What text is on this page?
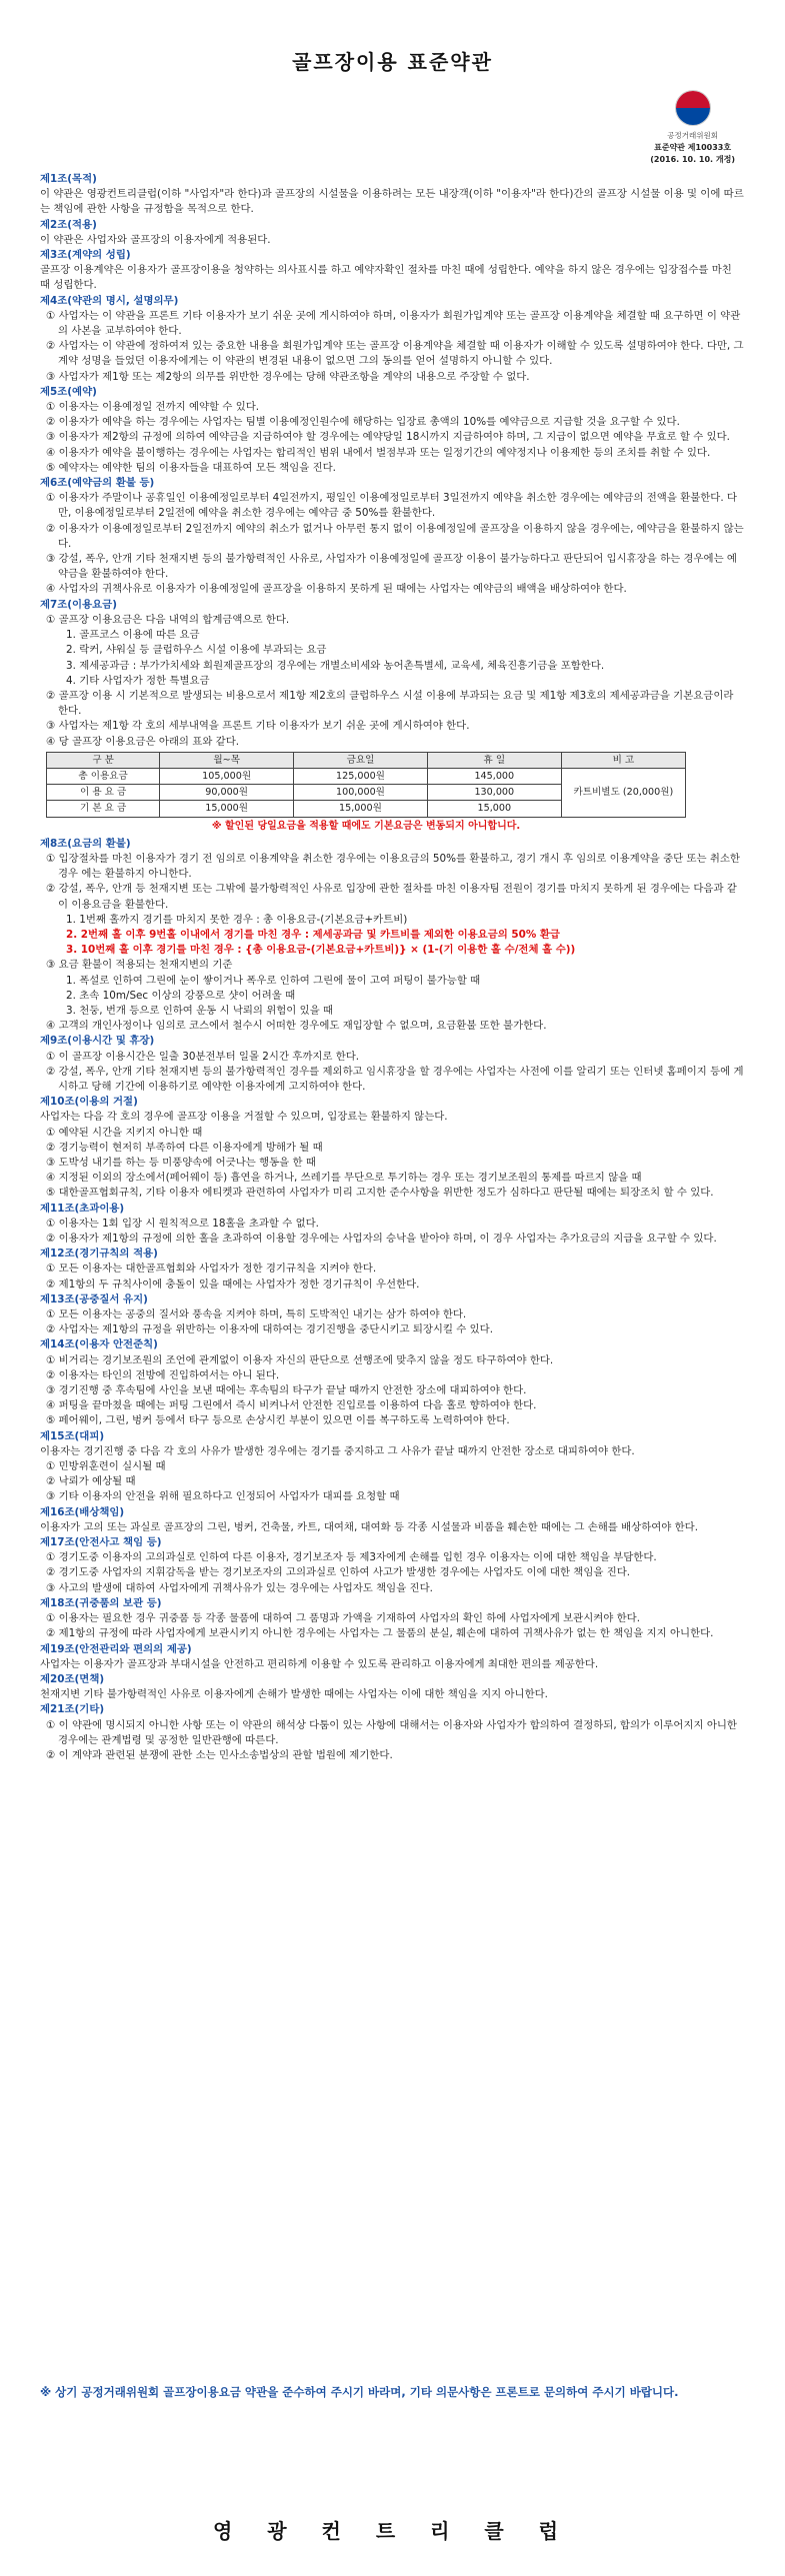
골프장이용 표준약관
공정거래위원회
표준약관 제10033호
(2016. 10. 10. 개정)
제1조(목적)
이 약관은 영광컨트리클럽(이하 "사업자"라 한다)과 골프장의 시설물을 이용하려는 모든 내장객(이하 "이용자"라 한다)간의 골프장 시설물 이용 및 이에 따르는 책임에 관한 사항을 규정함을 목적으로 한다.
제2조(적용)
이 약관은 사업자와 골프장의 이용자에게 적용된다.
제3조(계약의 성립)
골프장 이용계약은 이용자가 골프장이용을 청약하는 의사표시를 하고 예약자확인 절차를 마친 때에 성립한다. 예약을 하지 않은 경우에는 입장접수를 마친 때 성립한다.
제4조(약관의 명시, 설명의무)
① 사업자는 이 약관을 프론트 기타 이용자가 보기 쉬운 곳에 게시하여야 하며, 이용자가 회원가입계약 또는 골프장 이용계약을 체결할 때 요구하면 이 약관의 사본을 교부하여야 한다.
② 사업자는 이 약관에 정하여져 있는 중요한 내용을 회원가입계약 또는 골프장 이용계약을 체결할 때 이용자가 이해할 수 있도록 설명하여야 한다. 다만, 그 계약 성명을 들었던 이용자에게는 이 약관의 변경된 내용이 없으면 그의 동의를 얻어 설명하지 아니할 수 있다.
③ 사업자가 제1항 또는 제2항의 의무를 위반한 경우에는 당해 약관조항을 계약의 내용으로 주장할 수 없다.
제5조(예약)
① 이용자는 이용예정일 전까지 예약할 수 있다.
② 이용자가 예약을 하는 경우에는 사업자는 팀별 이용예정인원수에 해당하는 입장료 총액의 10%를 예약금으로 지급할 것을 요구할 수 있다.
③ 이용자가 제2항의 규정에 의하여 예약금을 지급하여야 할 경우에는 예약당일 18시까지 지급하여야 하며, 그 지급이 없으면 예약을 무효로 할 수 있다.
④ 이용자가 예약을 불이행하는 경우에는 사업자는 합리적인 범위 내에서 벌점부과 또는 일정기간의 예약정지나 이용제한 등의 조치를 취할 수 있다.
⑤ 예약자는 예약한 팀의 이용자들을 대표하여 모든 책임을 진다.
제6조(예약금의 환불 등)
① 이용자가 주말이나 공휴일인 이용예정일로부터 4일전까지, 평일인 이용예정일로부터 3일전까지 예약을 취소한 경우에는 예약금의 전액을 환불한다. 다만, 이용예정일로부터 2일전에 예약을 취소한 경우에는 예약금 중 50%를 환불한다.
② 이용자가 이용예정일로부터 2일전까지 예약의 취소가 없거나 아무런 통지 없이 이용예정일에 골프장을 이용하지 않을 경우에는, 예약금을 환불하지 않는다.
③ 강설, 폭우, 안개 기타 천재지변 등의 불가항력적인 사유로, 사업자가 이용예정일에 골프장 이용이 불가능하다고 판단되어 입시휴장을 하는 경우에는 예약금을 환불하여야 한다.
④ 사업자의 귀책사유로 이용자가 이용예정일에 골프장을 이용하지 못하게 된 때에는 사업자는 예약금의 배액을 배상하여야 한다.
제7조(이용요금)
① 골프장 이용요금은 다음 내역의 합계금액으로 한다.
1. 골프코스 이용에 따른 요금
2. 락커, 샤워실 등 클럽하우스 시설 이용에 부과되는 요금
3. 제세공과금 : 부가가치세와 회원제골프장의 경우에는 개별소비세와 농어촌특별세, 교육세, 체육진흥기금을 포함한다.
4. 기타 사업자가 정한 특별요금
② 골프장 이용 시 기본적으로 발생되는 비용으로서 제1항 제2호의 클럽하우스 시설 이용에 부과되는 요금 및 제1항 제3호의 제세공과금을 기본요금이라 한다.
③ 사업자는 제1항 각 호의 세부내역을 프론트 기타 이용자가 보기 쉬운 곳에 게시하여야 한다.
④ 당 골프장 이용요금은 아래의 표와 같다.
구 분	월~목	금요일	휴 일	비 고
총 이용요금	105,000원	125,000원	145,000	카트비별도 (20,000원)
이 용 요 금	90,000원	100,000원	130,000	
기 본 요 금	15,000원	15,000원	15,000	
※ 할인된 당일요금을 적용할 때에도 기본요금은 변동되지 아니합니다.
제8조(요금의 환불)
① 입장절차를 마친 이용자가 경기 전 임의로 이용계약을 취소한 경우에는 이용요금의 50%를 환불하고, 경기 개시 후 임의로 이용계약을 중단 또는 취소한 경우 에는 환불하지 아니한다.
② 강설, 폭우, 안개 등 천재지변 또는 그밖에 불가항력적인 사유로 입장에 관한 절차를 마친 이용자팀 전원이 경기를 마치지 못하게 된 경우에는 다음과 같이 이용요금을 환불한다.
1. 1번째 홀까지 경기를 마치지 못한 경우 : 총 이용요금-(기본요금+카트비)
2. 2번째 홀 이후 9번홀 이내에서 경기를 마친 경우 : 제세공과금 및 카트비를 제외한 이용요금의 50% 환급
3. 10번째 홀 이후 경기를 마친 경우 : {총 이용요금-(기본요금+카트비)} × (1-(기 이용한 홀 수/전체 홀 수))
③ 요금 환불이 적용되는 천재지변의 기준
1. 폭설로 인하여 그린에 눈이 쌓이거나 폭우로 인하여 그린에 물이 고여 퍼팅이 불가능할 때
2. 초속 10m/Sec 이상의 강풍으로 샷이 어려울 때
3. 천둥, 번개 등으로 인하여 운동 시 낙뢰의 위험이 있을 때
④ 고객의 개인사정이나 임의로 코스에서 철수시 어떠한 경우에도 재입장할 수 없으며, 요금환불 또한 불가한다.
제9조(이용시간 및 휴장)
① 이 골프장 이용시간은 일출 30분전부터 일몰 2시간 후까지로 한다.
② 강설, 폭우, 안개 기타 천재지변 등의 불가항력적인 경우를 제외하고 임시휴장을 할 경우에는 사업자는 사전에 이를 알리기 또는 인터넷 홈페이지 등에 게시하고 당해 기간에 이용하기로 예약한 이용자에게 고지하여야 한다.
제10조(이용의 거절)
사업자는 다음 각 호의 경우에 골프장 이용을 거절할 수 있으며, 입장료는 환불하지 않는다.
① 예약된 시간을 지키지 아니한 때
② 경기능력이 현저히 부족하여 다른 이용자에게 방해가 될 때
③ 도박성 내기를 하는 등 미풍양속에 어긋나는 행동을 한 때
④ 지정된 이외의 장소에서(페어웨이 등) 흡연을 하거나, 쓰레기를 무단으로 투기하는 경우 또는 경기보조원의 통제를 따르지 않을 때
⑤ 대한골프협회규칙, 기타 이용자 에티켓과 관련하여 사업자가 미리 고지한 준수사항을 위반한 정도가 심하다고 판단될 때에는 퇴장조치 할 수 있다.
제11조(초과이용)
① 이용자는 1회 입장 시 원칙적으로 18홀을 초과할 수 없다.
② 이용자가 제1항의 규정에 의한 홀을 초과하여 이용할 경우에는 사업자의 승낙을 받아야 하며, 이 경우 사업자는 추가요금의 지급을 요구할 수 있다.
제12조(경기규칙의 적용)
① 모든 이용자는 대한골프협회와 사업자가 정한 경기규칙을 지켜야 한다.
② 제1항의 두 규칙사이에 충돌이 있을 때에는 사업자가 정한 경기규칙이 우선한다.
제13조(공중질서 유지)
① 모든 이용자는 공중의 질서와 풍속을 지켜야 하며, 특히 도박적인 내기는 삼가 하여야 한다.
② 사업자는 제1항의 규정을 위반하는 이용자에 대하여는 경기진행을 중단시키고 퇴장시킬 수 있다.
제14조(이용자 안전준칙)
① 비거리는 경기보조원의 조언에 관계없이 이용자 자신의 판단으로 선행조에 맞추지 않을 정도 타구하여야 한다.
② 이용자는 타인의 전방에 진입하여서는 아니 된다.
③ 경기진행 중 후속팀에 사인을 보낸 때에는 후속팀의 타구가 끝날 때까지 안전한 장소에 대피하여야 한다.
④ 퍼팅을 끝마쳤을 때에는 퍼팅 그린에서 즉시 비켜나서 안전한 진입로를 이용하여 다음 홀로 향하여야 한다.
⑤ 페어웨이, 그린, 벙커 등에서 타구 등으로 손상시킨 부분이 있으면 이를 복구하도록 노력하여야 한다.
제15조(대피)
이용자는 경기진행 중 다음 각 호의 사유가 발생한 경우에는 경기를 중지하고 그 사유가 끝날 때까지 안전한 장소로 대피하여야 한다.
① 민방위훈련이 실시될 때
② 낙뢰가 예상될 때
③ 기타 이용자의 안전을 위해 필요하다고 인정되어 사업자가 대피를 요청할 때
제16조(배상책임)
이용자가 고의 또는 과실로 골프장의 그린, 벙커, 건축물, 카트, 대여채, 대여화 등 각종 시설물과 비품을 훼손한 때에는 그 손해를 배상하여야 한다.
제17조(안전사고 책임 등)
① 경기도중 이용자의 고의과실로 인하여 다른 이용자, 경기보조자 등 제3자에게 손해를 입힌 경우 이용자는 이에 대한 책임을 부담한다.
② 경기도중 사업자의 지휘감독을 받는 경기보조자의 고의과실로 인하여 사고가 발생한 경우에는 사업자도 이에 대한 책임을 진다.
③ 사고의 발생에 대하여 사업자에게 귀책사유가 있는 경우에는 사업자도 책임을 진다.
제18조(귀중품의 보관 등)
① 이용자는 필요한 경우 귀중품 등 각종 물품에 대하여 그 품명과 가액을 기재하여 사업자의 확인 하에 사업자에게 보관시켜야 한다.
② 제1항의 규정에 따라 사업자에게 보관시키지 아니한 경우에는 사업자는 그 물품의 분실, 훼손에 대하여 귀책사유가 없는 한 책임을 지지 아니한다.
제19조(안전관리와 편의의 제공)
사업자는 이용자가 골프장과 부대시설을 안전하고 편리하게 이용할 수 있도록 관리하고 이용자에게 최대한 편의를 제공한다.
제20조(면책)
천재지변 기타 불가항력적인 사유로 이용자에게 손해가 발생한 때에는 사업자는 이에 대한 책임을 지지 아니한다.
제21조(기타)
① 이 약관에 명시되지 아니한 사항 또는 이 약관의 해석상 다툼이 있는 사항에 대해서는 이용자와 사업자가 합의하여 결정하되, 합의가 이루어지지 아니한 경우에는 관계법령 및 공정한 일반관행에 따른다.
② 이 계약과 관련된 분쟁에 관한 소는 민사소송법상의 관할 법원에 제기한다.
※ 상기 공정거래위원회 골프장이용요금 약관을 준수하여 주시기 바라며, 기타 의문사항은 프론트로 문의하여 주시기 바랍니다.
영 광 컨 트 리 클 럽
